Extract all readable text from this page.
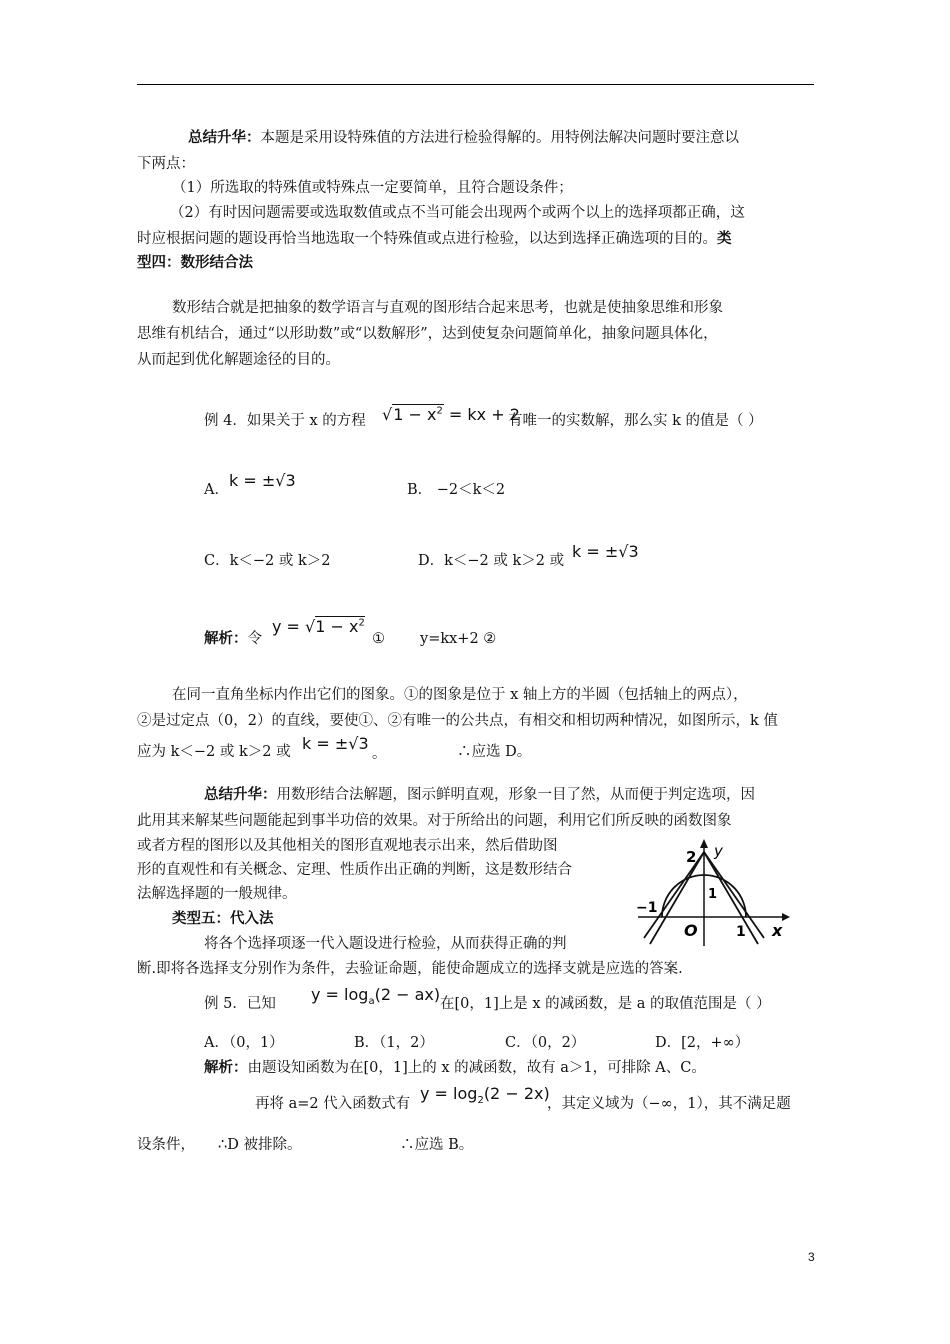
总结升华：本题是采用设特殊值的方法进行检验得解的。用特例法解决问题时要注意以
下两点：
（1）所选取的特殊值或特殊点一定要简单，且符合题设条件；
（2）有时因问题需要或选取数值或点不当可能会出现两个或两个以上的选择项都正确，这
时应根据问题的题设再恰当地选取一个特殊值或点进行检验，以达到选择正确选项的目的。类
型四：数形结合法
数形结合就是把抽象的数学语言与直观的图形结合起来思考，也就是使抽象思维和形象
思维有机结合，通过“以形助数”或“以数解形”，达到使复杂问题简单化，抽象问题具体化，
从而起到优化解题途径的目的。
例 4．如果关于 x 的方程 $√1 - x^2$ = kx + 2
有唯一的实数解，那么实 k 的值是（ ）
A． k = ±√3	B． −2＜k＜2
C．k＜−2 或 k＞2	D．k＜−2 或 k＞2 或 k = ±√3
解析：令
$y = √1 - x^2$
① y=kx+2 ②
在同一直角坐标内作出它们的图象。①的图象是位于 x 轴上方的半圆（包括轴上的两点），
②是过定点（0，2）的直线，要使①、②有唯一的公共点，有相交和相切两种情况，如图所示，k 值
应为 k＜−2 或 k＞2 或 k = ±√3
。	∴应选 D。
总结升华：用数形结合法解题，图示鲜明直观，形象一目了然，从而便于判定选项，因
此用其来解某些问题能起到事半功倍的效果。对于所给出的问题，利用它们所反映的函数图象
或者方程的图形以及其他相关的图形直观地表示出来，然后借助图
形的直观性和有关概念、定理、性质作出正确的判断，这是数形结合
法解选择题的一般规律。
2 y
1
−1
O	1 x
类型五：代入法
将各个选择项逐一代入题设进行检验，从而获得正确的判
断.即将各选择支分别作为条件，去验证命题，能使命题成立的选择支就是应选的答案.
例 5．已知 $y = \log_a(2 - ax)$ 在[0，1]上是 x 的减函数，是 a 的取值范围是（ ）
A．（0，1）	B．（1，2）	C．（0，2）	D．[2，+∞）
解析：由题设知函数为在[0，1]上的 x 的减函数，故有 a＞1，可排除 A、C。
再将 a=2 代入函数式有
$y = \log_2(2 - 2x)$
，其定义域为（−∞，1），其不满足题
设条件， ∴D 被排除。	∴应选 B。
3
